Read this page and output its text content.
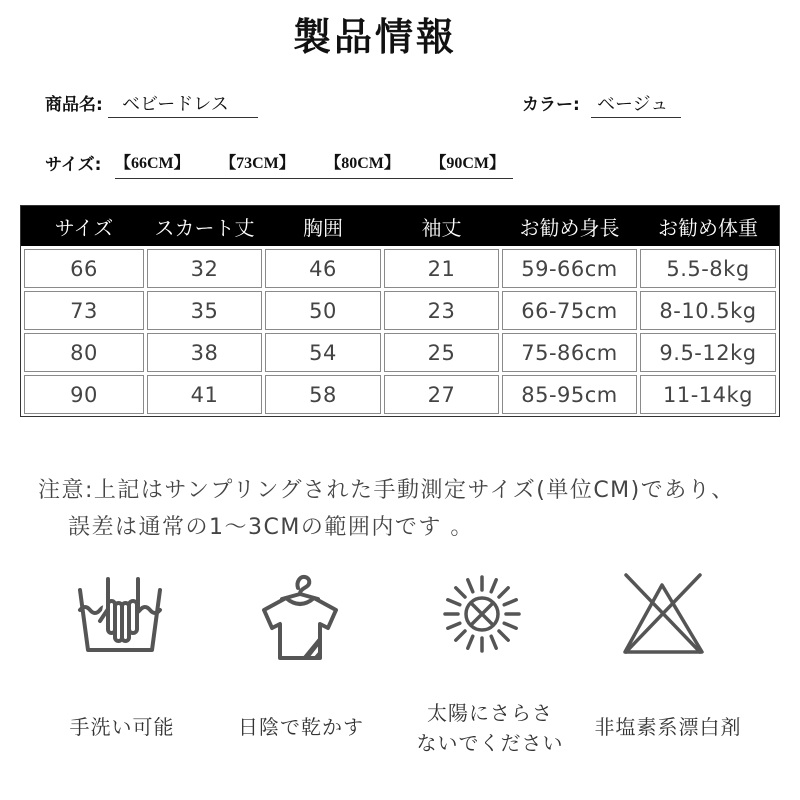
製品情報
商品名:	ベビードレス	カラー: ベージュ
サイズ: 【66CM】 【73CM】 【80CM】 【90CM】
サイズ	スカート丈	胸囲	袖丈	お勧め身長	お勧め体重
66	32	46	21	59-66cm	5.5-8kg
73	35	50	23	66-75cm	8-10.5kg
80	38	54	25	75-86cm	9.5-12kg
90	41	58	27	85-95cm	11-14kg
注意:上記はサンプリングされた手動測定サイズ(単位CM)であり、
誤差は通常の1～3CMの範囲内です 。
手洗い可能	日陰で乾かす
太陽にさらさ
ないでください
非塩素系漂白剤
